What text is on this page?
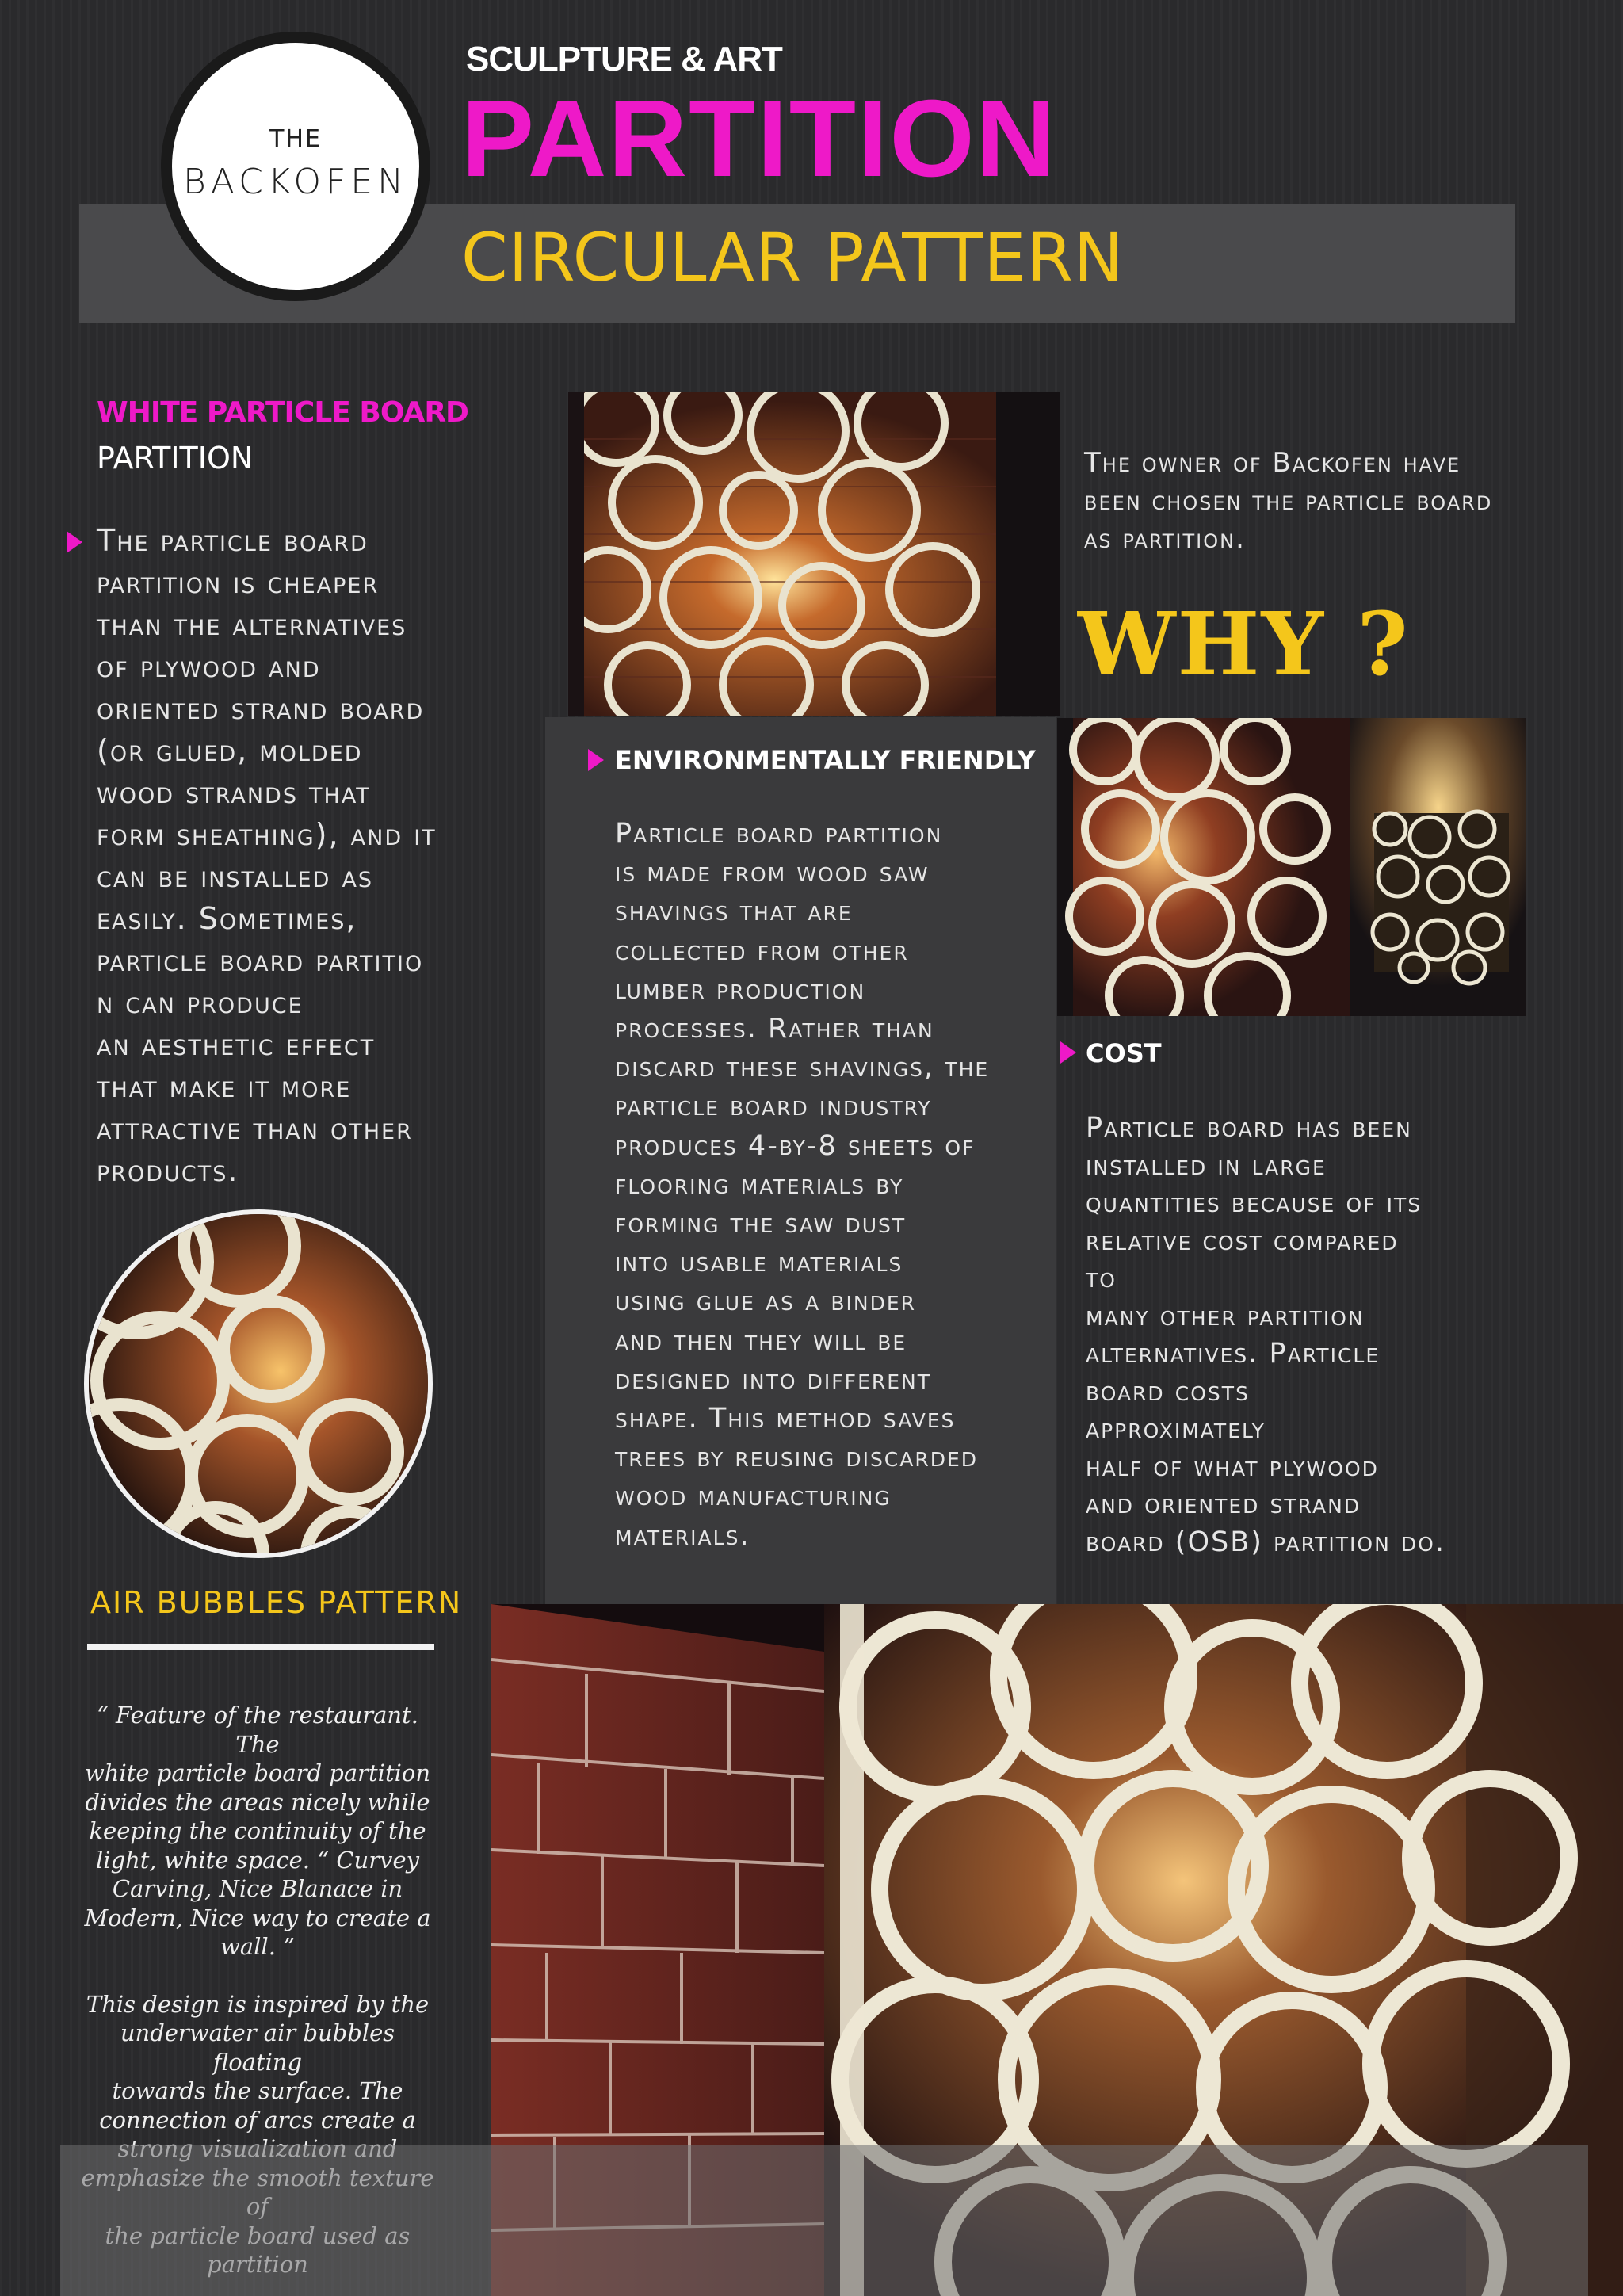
THE
BACKOFEN
SCULPTURE & ART
PARTITION
CIRCULAR PATTERN
WHITE PARTICLE BOARD
PARTITION
The particle board
partition is cheaper
than the alternatives
of plywood and
oriented strand board
(or glued, molded
wood strands that
form sheathing), and it
can be installed as
easily. Sometimes,
particle board partitio
n can produce
an aesthetic effect
that make it more
attractive than other
products.
AIR BUBBLES PATTERN
“ Feature of the restaurant. The
white particle board partition
divides the areas nicely while
keeping the continuity of the
light, white space. “ Curvey
Carving, Nice Blanace in
Modern, Nice way to create a
wall. ”
This design is inspired by the
underwater air bubbles floating
towards the surface. The
connection of arcs create a
ENVIRONMENTALLY FRIENDLY
Particle board partition
is made from wood saw
shavings that are
collected from other
lumber production
processes. Rather than
discard these shavings, the
particle board industry
produces 4-by-8 sheets of
flooring materials by
forming the saw dust
into usable materials
using glue as a binder
and then they will be
designed into different
shape. This method saves
trees by reusing discarded
wood manufacturing
materials.
The owner of Backofen have
been chosen the particle board
as partition.
WHY ?
COST
Particle board has been
installed in large
quantities because of its
relative cost compared
to
many other partition
alternatives. Particle
board costs
approximately
half of what plywood
and oriented strand
board (OSB) partition do.
